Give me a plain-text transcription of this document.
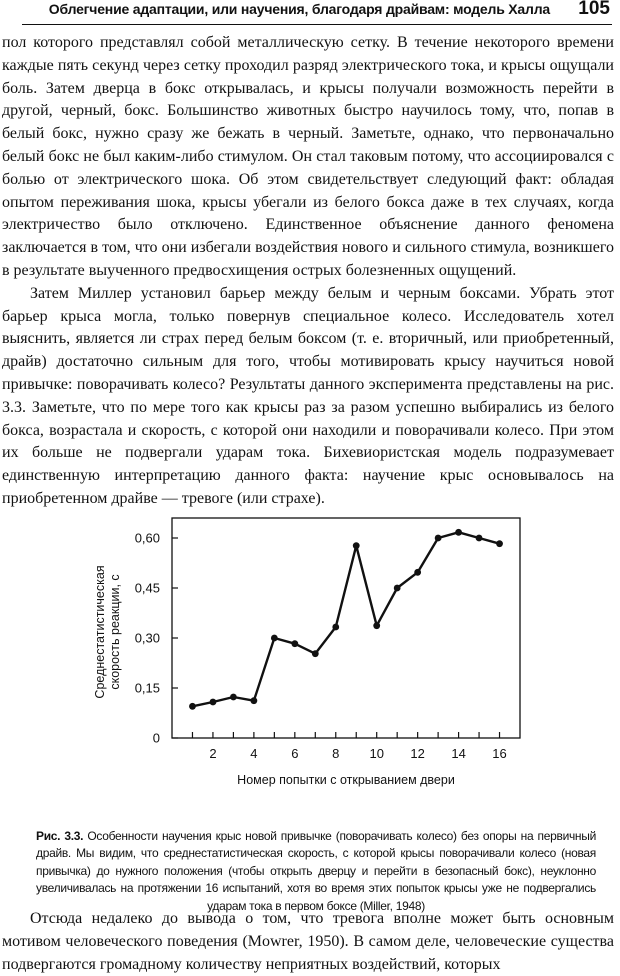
Облегчение адаптации, или научения, благодаря драйвам: модель Халла 105

пол которого представлял собой металлическую сетку. В течение некоторого времени каждые пять секунд через сетку проходил разряд электрического тока, и крысы ощущали боль. Затем дверца в бокс открывалась, и крысы получали возможность перейти в другой, черный, бокс. Большинство животных быстро научилось тому, что, попав в белый бокс, нужно сразу же бежать в черный. Заметьте, однако, что первоначально белый бокс не был каким-либо стимулом. Он стал таковым потому, что ассоциировался с болью от электрического шока. Об этом свидетельствует следующий факт: обладая опытом переживания шока, крысы убегали из белого бокса даже в тех случаях, когда электричество было отключено. Единственное объяснение данного феномена заключается в том, что они избегали воздействия нового и сильного стимула, возникшего в результате выученного предвосхищения острых болезненных ощущений.

Затем Миллер установил барьер между белым и черным боксами. Убрать этот барьер крыса могла, только повернув специальное колесо. Исследователь хотел выяснить, является ли страх перед белым боксом (т. е. вторичный, или приобретенный, драйв) достаточно сильным для того, чтобы мотивировать крысу научиться новой привычке: поворачивать колесо? Результаты данного эксперимента представлены на рис. 3.3. Заметьте, что по мере того как крысы раз за разом успешно выбирались из белого бокса, возрастала и скорость, с которой они находили и поворачивали колесо. При этом их больше не подвергали ударам тока. Бихевиористская модель подразумевает единственную интерпретацию данного факта: научение крыс основывалось на приобретенном драйве — тревоге (или страхе).

0
0,15
0,30
0,45
0,60
2	4	6	8 10 12 14 16
Номер попытки с открыванием двери
Среднестатистическая скорость реакции, с

Рис. 3.3. Особенности научения крыс новой привычке (поворачивать колесо) без опоры на первичный драйв. Мы видим, что среднестатистическая скорость, с которой крысы поворачивали колесо (новая привычка) до нужного положения (чтобы открыть дверцу и перейти в безопасный бокс), неуклонно увеличивалась на протяжении 16 испытаний, хотя во время этих попыток крысы уже не подвергались ударам тока в первом боксе (Miller, 1948)

Отсюда недалеко до вывода о том, что тревога вполне может быть основным мотивом человеческого поведения (Mowrer, 1950). В самом деле, человеческие существа подвергаются громадному количеству неприятных воздействий, которых
